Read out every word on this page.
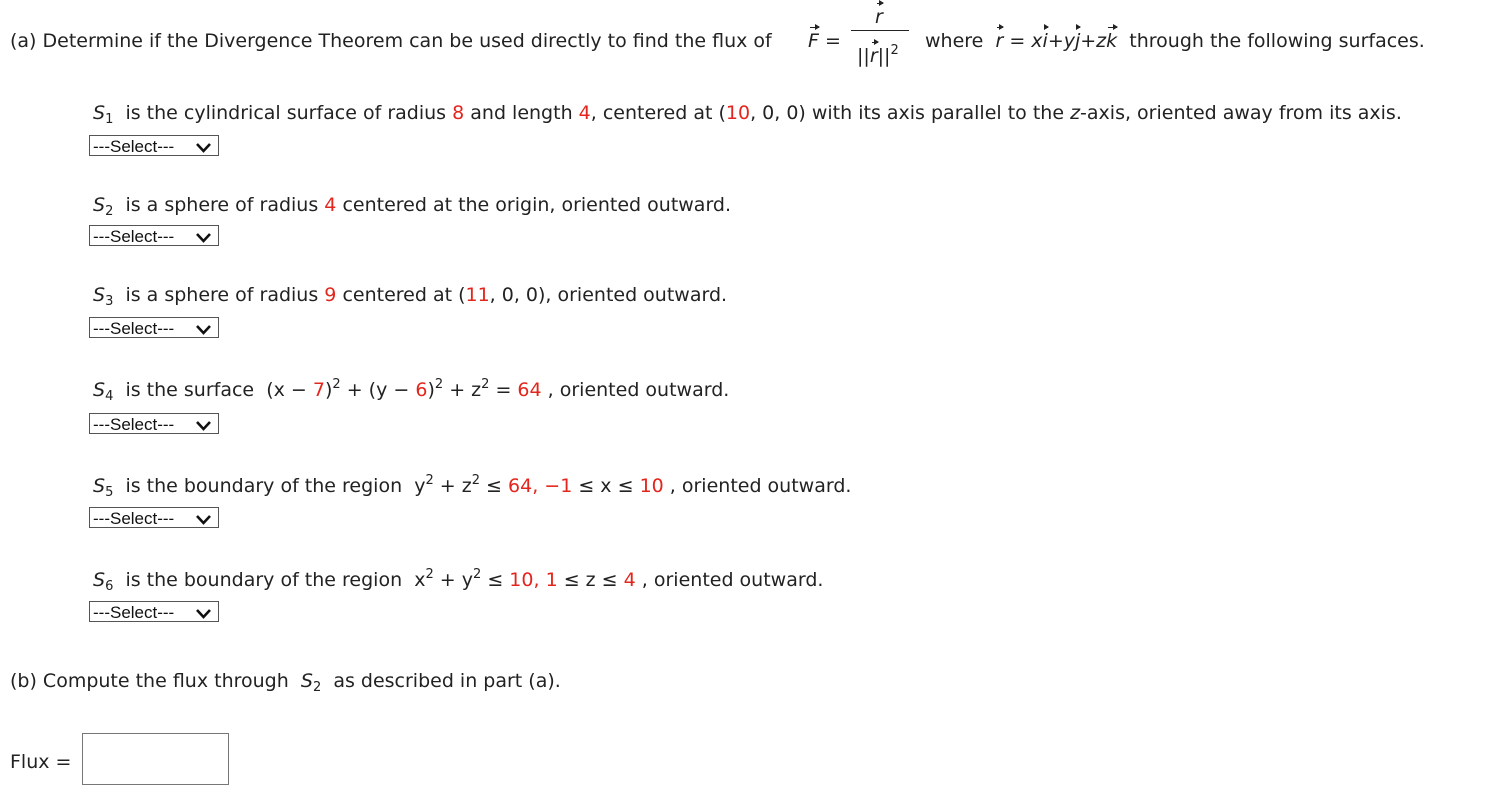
(a) Determine if the Divergence Theorem can be used directly to find the flux of F =
r
$||r||^2$ where r = xi+yj+zk through the following surfaces.
$S_1$ is the cylindrical surface of radius 8 and length 4, centered at (10, 0, 0) with its axis parallel to the z-axis, oriented away from its axis.
---Select---
$S_2$ is a sphere of radius 4 centered at the origin, oriented outward.
---Select---
$S_3$ is a sphere of radius 9 centered at (11, 0, 0), oriented outward.
---Select---
$S_4$ is the surface $(x - 7)^2 + (y - 6)^2 + z^2 = 64$ , oriented outward.
---Select---
$S_5$ is the boundary of the region $y^2 + z^2 \le 64$, −1 ≤ x ≤ 10 , oriented outward.
---Select---
$S_6$ is the boundary of the region $x^2 + y^2 \le 10$, 1 ≤ z ≤ 4 , oriented outward.
---Select---
(b) Compute the flux through $S_2$ as described in part (a).
Flux =
